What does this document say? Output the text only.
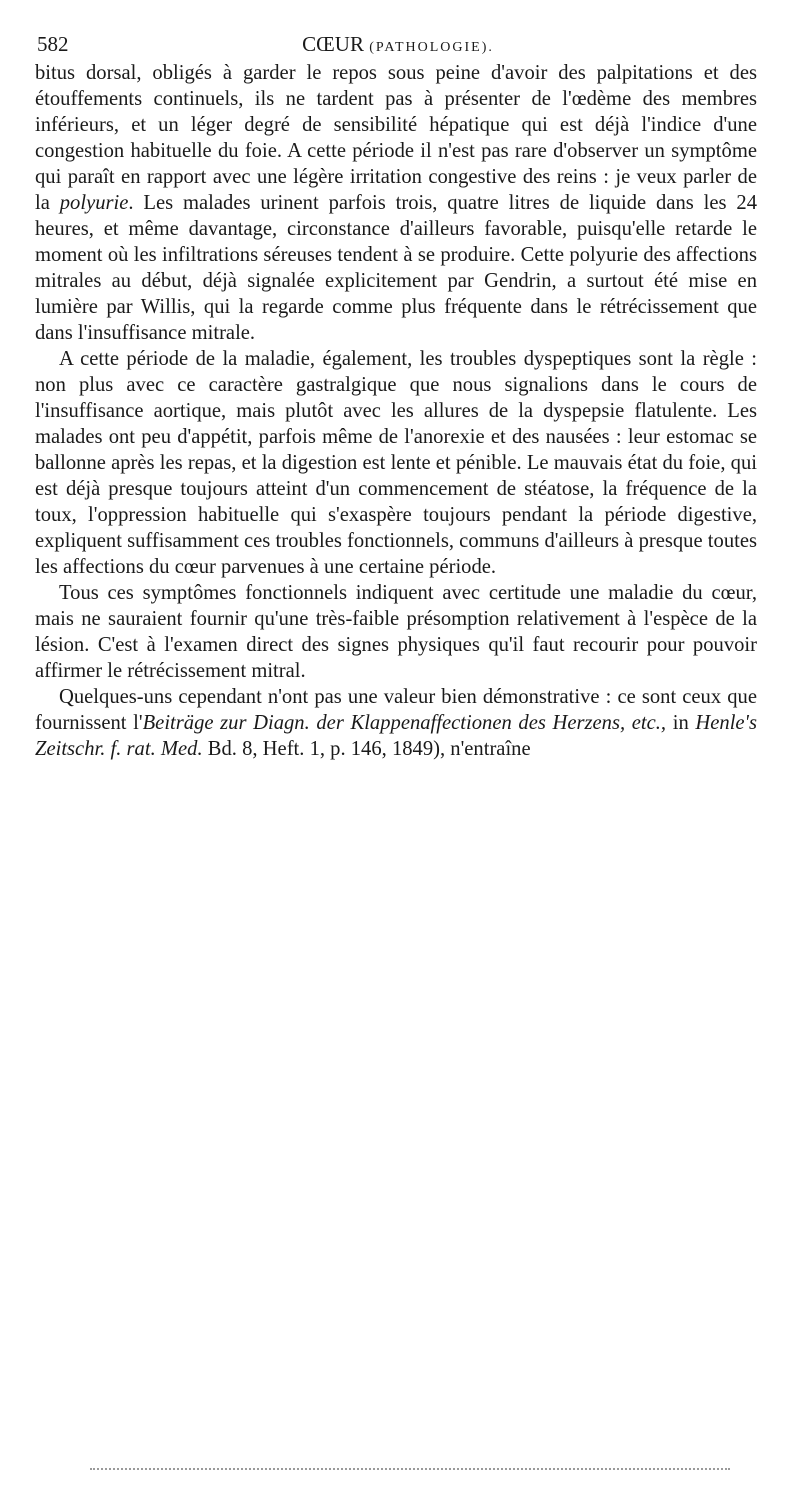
582	CŒUR (PATHOLOGIE).

bitus dorsal, obligés à garder le repos sous peine d'avoir des palpitations et des étouffements continuels, ils ne tardent pas à présenter de l'œdème des membres inférieurs, et un léger degré de sensibilité hépatique qui est déjà l'indice d'une congestion habituelle du foie. A cette période il n'est pas rare d'observer un symptôme qui paraît en rapport avec une légère irritation congestive des reins : je veux parler de la polyurie. Les malades urinent parfois trois, quatre litres de liquide dans les 24 heures, et même davantage, circonstance d'ailleurs favorable, puisqu'elle retarde le moment où les infiltrations séreuses tendent à se produire. Cette polyurie des affections mitrales au début, déjà signalée explicitement par Gendrin, a surtout été mise en lumière par Willis, qui la regarde comme plus fréquente dans le rétrécissement que dans l'insuffisance mitrale.

A cette période de la maladie, également, les troubles dyspeptiques sont la règle : non plus avec ce caractère gastralgique que nous signalions dans le cours de l'insuffisance aortique, mais plutôt avec les allures de la dyspepsie flatulente. Les malades ont peu d'appétit, parfois même de l'anorexie et des nausées : leur estomac se ballonne après les repas, et la digestion est lente et pénible. Le mauvais état du foie, qui est déjà presque toujours atteint d'un commencement de stéatose, la fréquence de la toux, l'oppression habituelle qui s'exaspère toujours pendant la période digestive, expliquent suffisamment ces troubles fonctionnels, communs d'ailleurs à presque toutes les affections du cœur parvenues à une certaine période.

Tous ces symptômes fonctionnels indiquent avec certitude une maladie du cœur, mais ne sauraient fournir qu'une très-faible présomption relativement à l'espèce de la lésion. C'est à l'examen direct des signes physiques qu'il faut recourir pour pouvoir affirmer le rétrécissement mitral.

Quelques-uns cependant n'ont pas une valeur bien démonstrative : ce sont ceux que fournissent l'Beiträge zur Diagn. der Klappenaffectionen des Herzens, etc., in Henle's Zeitschr. f. rat. Med. Bd. 8, Heft. 1, p. 146, 1849), n'entraîne
